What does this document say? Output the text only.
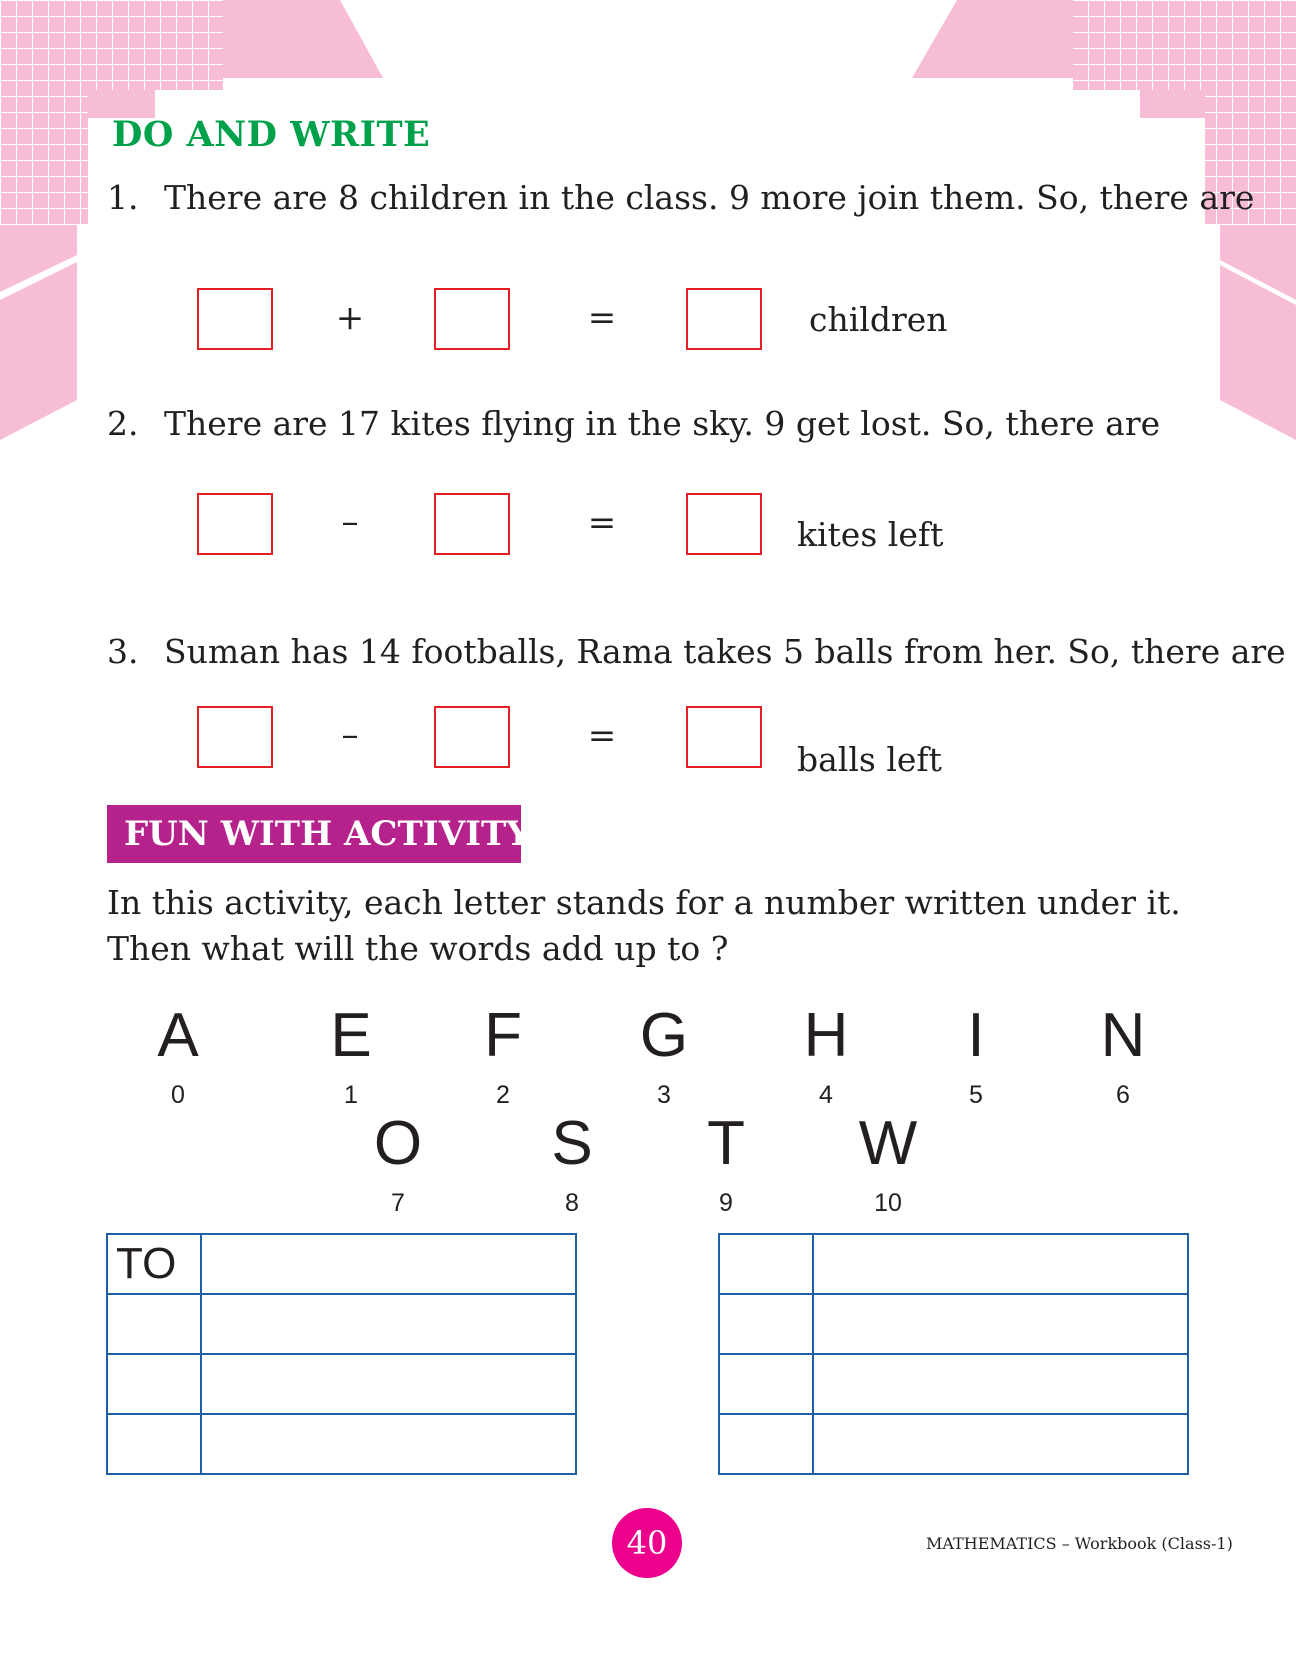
DO AND WRITE
1. There are 8 children in the class. 9 more join them. So, there are
+	=	children
2. There are 17 kites flying in the sky. 9 get lost. So, there are
–	=	kites left
3. Suman has 14 footballs, Rama takes 5 balls from her. So, there are
–	=
balls left
FUN WITH ACTIVITY
In this activity, each letter stands for a number written under it. Then what will the words add up to ?
A
0
E
1
F
2
G
3
H
4
I
5
N
6
O
7
S
8
T
9
W
10
TO	

40	MATHEMATICS – Workbook (Class-1)
